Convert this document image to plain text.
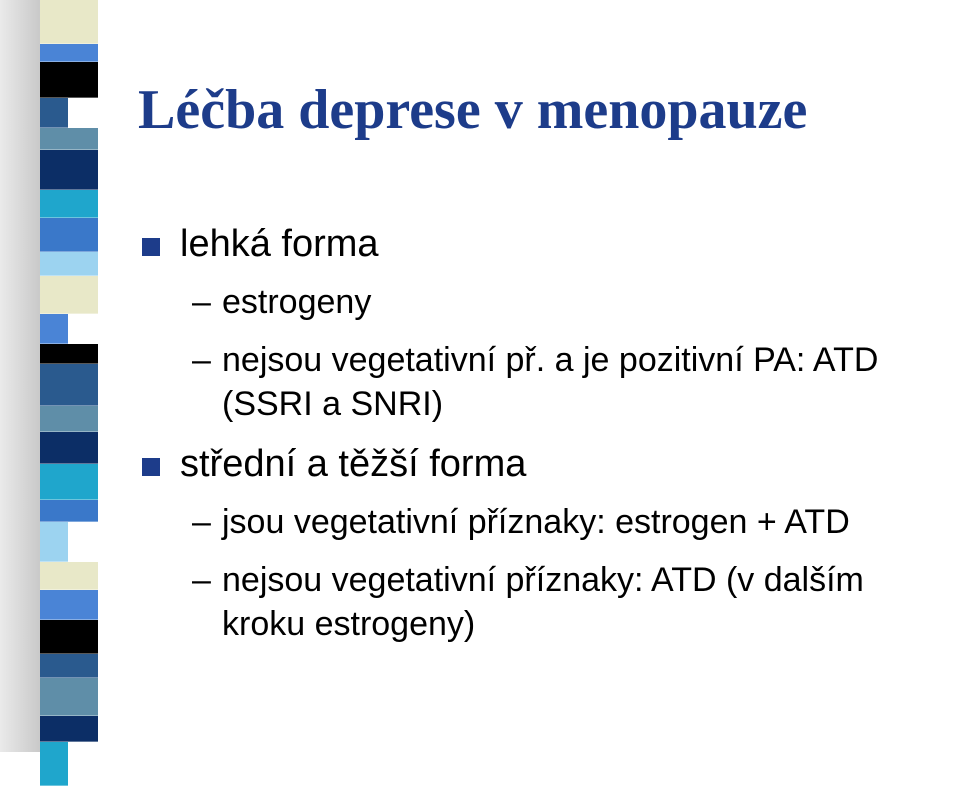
Léčba deprese v menopauze
lehká forma
– estrogeny
– nejsou vegetativní př. a je pozitivní PA: ATD (SSRI a SNRI)
střední a těžší forma
– jsou vegetativní příznaky: estrogen + ATD
– nejsou vegetativní příznaky: ATD (v dalším kroku estrogeny)
